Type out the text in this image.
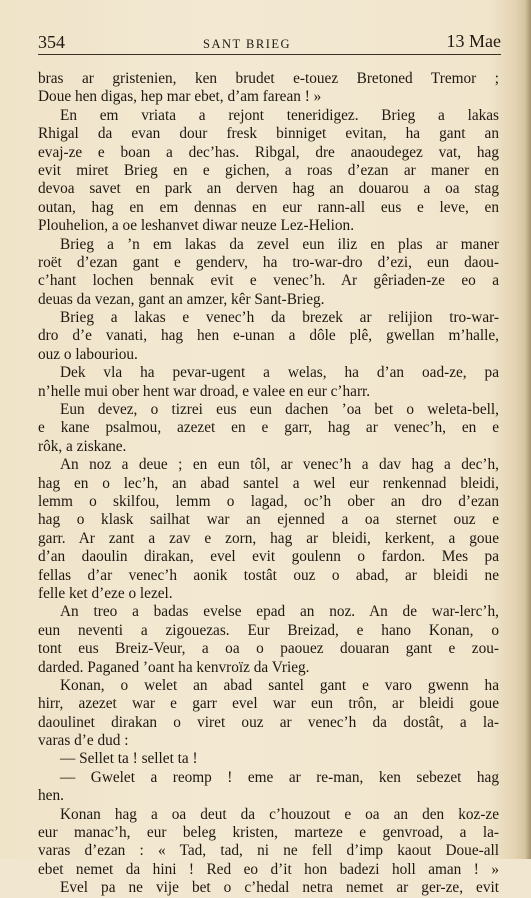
354	SANT BRIEG	13 Mae
bras ar gristenien, ken brudet e-touez Bretoned Tremor ;
Doue hen digas, hep mar ebet, d’am farean ! »
En em vriata a rejont teneridigez. Brieg a lakas
Rhigal da evan dour fresk binniget evitan, ha gant an
evaj-ze e boan a dec’has. Ribgal, dre anaoudegez vat, hag
evit miret Brieg en e gichen, a roas d’ezan ar maner en
devoa savet en park an derven hag an douarou a oa stag
outan, hag en em dennas en eur rann-all eus e leve, en
Plouhelion, a oe leshanvet diwar neuze Lez-Helion.
Brieg a ’n em lakas da zevel eun iliz en plas ar maner
roët d’ezan gant e genderv, ha tro-war-dro d’ezi, eun daou-
c’hant lochen bennak evit e venec’h. Ar gêriaden-ze eo a
deuas da vezan, gant an amzer, kêr Sant-Brieg.
Brieg a lakas e venec’h da brezek ar relijion tro-war-
dro d’e vanati, hag hen e-unan a dôle plê, gwellan m’halle,
ouz o labouriou.
Dek vla ha pevar-ugent a welas, ha d’an oad-ze, pa
n’helle mui ober hent war droad, e valee en eur c’harr.
Eun devez, o tizrei eus eun dachen ’oa bet o weleta-bell,
e kane psalmou, azezet en e garr, hag ar venec’h, en e
rôk, a ziskane.
An noz a deue ; en eun tôl, ar venec’h a dav hag a dec’h,
hag en o lec’h, an abad santel a wel eur renkennad bleidi,
lemm o skilfou, lemm o lagad, oc’h ober an dro d’ezan
hag o klask sailhat war an ejenned a oa sternet ouz e
garr. Ar zant a zav e zorn, hag ar bleidi, kerkent, a goue
d’an daoulin dirakan, evel evit goulenn o fardon. Mes pa
fellas d’ar venec’h aonik tostât ouz o abad, ar bleidi ne
felle ket d’eze o lezel.
An treo a badas evelse epad an noz. An de war-lerc’h,
eun neventi a zigouezas. Eur Breizad, e hano Konan, o
tont eus Breiz-Veur, a oa o paouez douaran gant e zou-
darded. Paganed ’oant ha kenvroïz da Vrieg.
Konan, o welet an abad santel gant e varo gwenn ha
hirr, azezet war e garr evel war eun trôn, ar bleidi goue
daoulinet dirakan o viret ouz ar venec’h da dostât, a la-
varas d’e dud :
— Sellet ta ! sellet ta !
— Gwelet a reomp ! eme ar re-man, ken sebezet hag
hen.
Konan hag a oa deut da c’houzout e oa an den koz-ze
eur manac’h, eur beleg kristen, marteze e genvroad, a la-
varas d’ezan : « Tad, tad, ni ne fell d’imp kaout Doue-all
ebet nemet da hini ! Red eo d’it hon badezi holl aman ! »
Evel pa ne vije bet o c’hedal netra nemet ar ger-ze, evit
